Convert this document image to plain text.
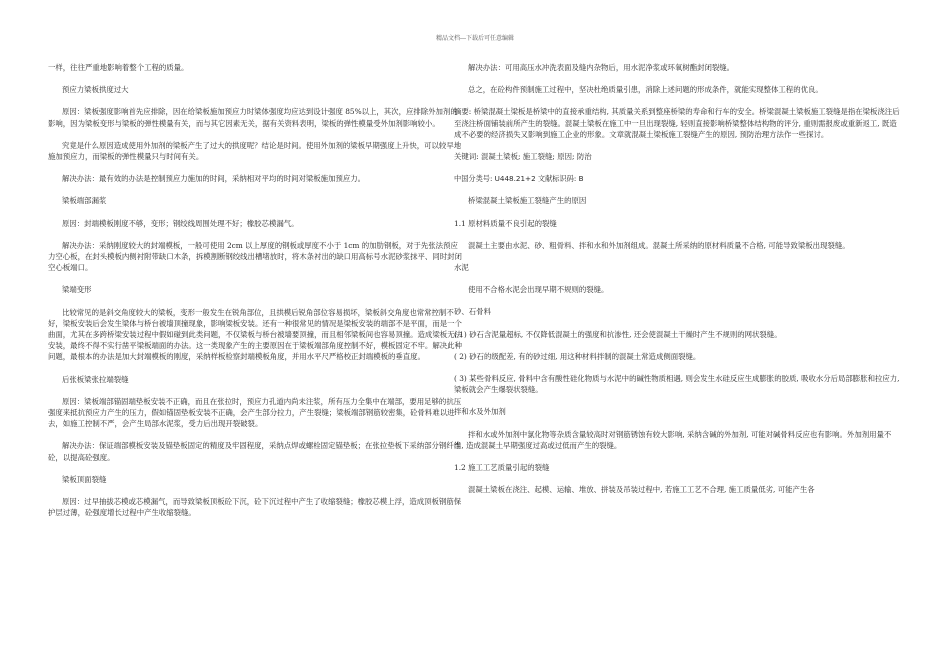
精品文档---下载后可任意编辑

一样，往往严重地影响着整个工程的质量。

预应力梁板拱度过大

原因：梁板强度影响首先应排除，因在给梁板施加预应力时梁体强度均应达到设计强度 85%以上，其次，应排除外加剂的影响，因为梁板变形与梁板的弹性模量有关，而与其它因素无关，据有关资料表明，梁板的弹性模量受外加剂影响较小。

究竟是什么原因造成使用外加剂的梁板产生了过大的拱度呢？结论是时间。使用外加剂的梁板早期强度上升快，可以较早地施加预应力，而梁板的弹性模量只与时间有关。

解决办法：最有效的办法是控制预应力施加的时间，采纳相对平均的时间对梁板施加预应力。

梁板端部漏浆

原因：封端模板刚度不够，变形；钢绞线周围处理不好；橡胶芯模漏气。

解决办法：采纳刚度较大的封端模板，一般可使用 2cm 以上厚度的钢板或厚度不小于 1cm 的加肋钢板，对于先张法预应力空心板，在封头模板内侧衬附带缺口木条，拆模割断钢绞线出槽堵放时，将木条衬出的缺口用高标号水泥砂浆抹平、同时封闭空心板端口。

梁端变形

比较常见的是斜交角度较大的梁板，变形一般发生在锐角部位，且拱模后锐角部位容易损坏，梁板斜交角度也常常控制不好，梁板安装后会发生梁体与桥台被墙顶撞现象，影响梁板安装。还有一种很常见的情况是梁板安装的端部不是平面，而是一个曲面，尤其在多跨桥梁安装过程中假如碰到此类问题，不仅梁板与桥台被墙要顶撞，而且相邻梁板间也容易顶撞。造成梁板无法安装，最终不得不实行凿平梁板端面的办法。这一类现象产生的主要原因在于梁板端部角度控制不好，模板固定不牢。解决此种问题，最根本的办法是加大封端模板的刚度，采纳样板检察封端模板角度，并用水平尺严格校正封端模板的垂直度。

后张板梁张拉端裂缝

原因：梁板端部锚固端垫板安装不正确，而且在张拉时，预应力孔道内尚未注浆，所有压力全集中在端部，要用足够的抗压强度来抵抗预应力产生的压力，假如锚固垫板安装不正确，会产生部分拉力，产生裂缝；梁板端部钢筋较密集，砼骨料难以进去，如施工控制不严，会产生局部水泥浆，受力后出现开裂破裂。

解决办法：保证端部模板安装及锚垫板固定的精度及牢固程度，采纳点焊或螺栓固定锚垫板；在张拉垫板下采纳部分钢纤维砼，以提高砼强度。

梁板顶面裂缝

原因：过早抽拔芯模或芯模漏气，而导致梁板顶板砼下沉，砼下沉过程中产生了收缩裂缝；橡胶芯模上浮，造成顶板钢筋保护层过薄，砼强度增长过程中产生收缩裂缝。

解决办法：可用高压水冲洗表面及缝内杂物后，用水泥净浆或环氧树酯封闭裂缝。

总之，在砼构件预制施工过程中，坚决杜绝质量引患，消除上述问题的形成条件，就能实现整体工程的优良。

摘要: 桥梁混凝土梁板是桥梁中的直接承重结构, 其质量关系到整座桥梁的寿命和行车的安全。桥梁混凝土梁板施工裂缝是指在梁板浇注后至浇注桥面铺装前所产生的裂缝。混凝土梁板在施工中一旦出现裂缝, 轻则直接影响桥梁整体结构物的评分, 重则需报废或重新返工, 既造成不必要的经济损失又影响到施工企业的形象。文章就混凝土梁板施工裂缝产生的原因, 预防治理方法作一些探讨。

关键词: 混凝土梁板; 施工裂缝; 原因; 防治

中国分类号: U448.21+2 文献标识码: B

桥梁混凝土梁板施工裂缝产生的原因

1.1 原材料质量不良引起的裂缝

混凝土主要由水泥、砂、粗骨料、拌和水和外加剂组成。混凝土所采纳的原材料质量不合格, 可能导致梁板出现裂缝。

水泥

使用不合格水泥会出现早期不规则的裂缝。

砂、石骨料

( 1) 砂石含泥量超标, 不仅降低混凝土的强度和抗渗性, 还会使混凝土干燥时产生不规则的网状裂缝。

( 2) 砂石的级配差, 有的砂过细, 用这种材料拌制的混凝土常造成侧面裂缝。

( 3) 某些骨料反应, 骨料中含有酸性硅化物质与水泥中的碱性物质相遇, 则会发生水硅反应生成膨胀的胶质, 吸收水分后局部膨胀和拉应力, 梁板就会产生爆裂状裂缝。

拌和水及外加剂

拌和水或外加剂中氯化物等杂质含量较高时对钢筋锈蚀有较大影响, 采纳含碱的外加剂, 可能对碱骨料反应也有影响。外加剂用量不当, 造成混凝土早期强度过高或过低而产生的裂缝。

1.2 施工工艺质量引起的裂缝

混凝土梁板在浇注、起模、运输、堆放、拼装及吊装过程中, 若施工工艺不合理, 施工质量低劣, 可能产生各
